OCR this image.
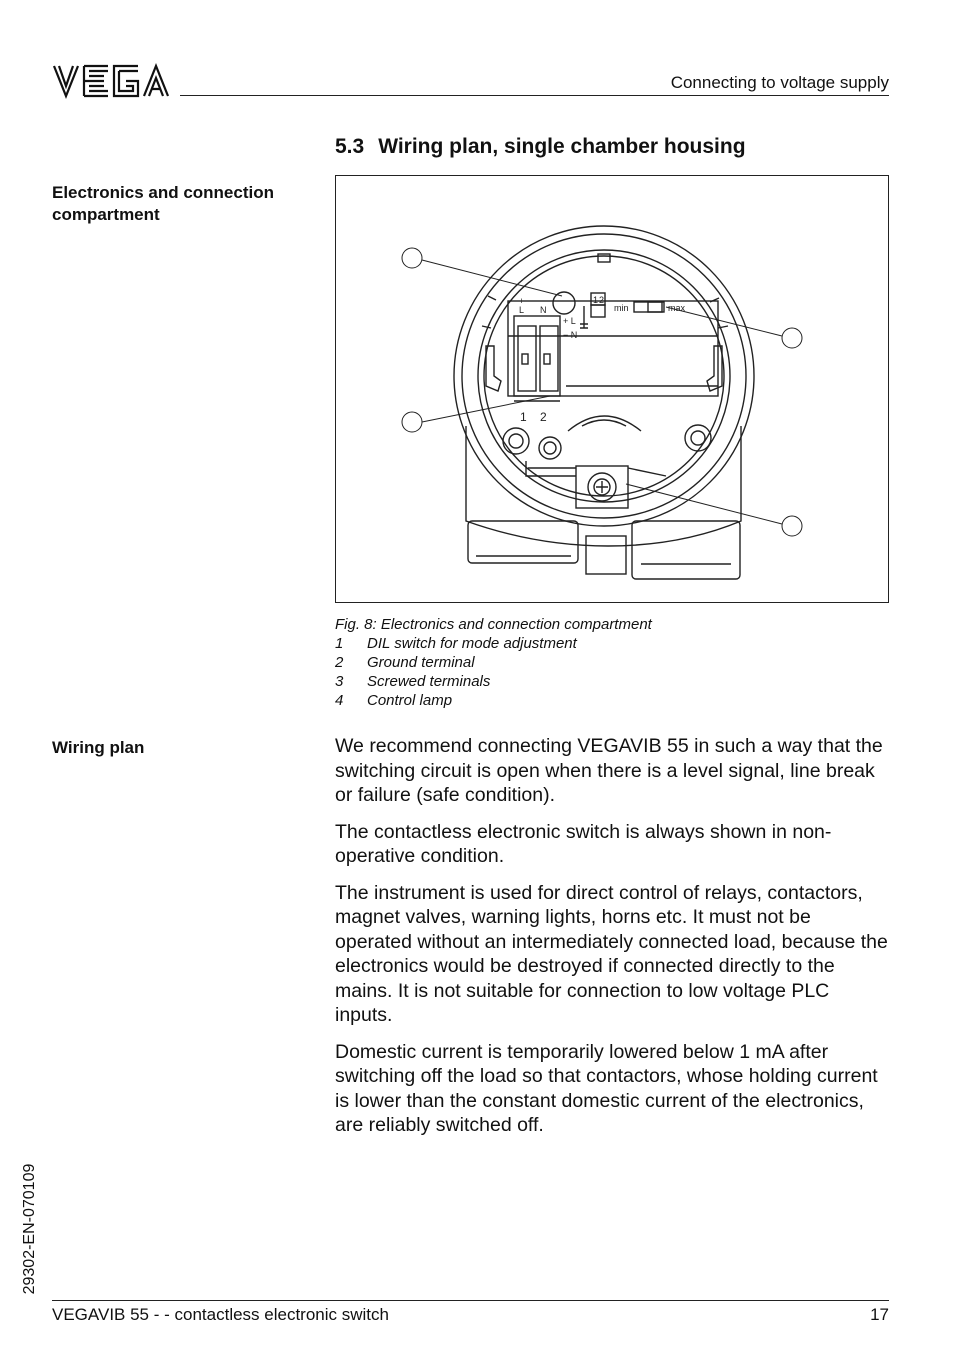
Connecting to voltage supply
5.3 Wiring plan, single chamber housing
Electronics and connection compartment
Wiring plan
+ −
L N
+ L
− N
1 2
min	max
1 2
Fig. 8: Electronics and connection compartment
1	DIL switch for mode adjustment
2	Ground terminal
3	Screwed terminals
4	Control lamp

We recommend connecting VEGAVIB 55 in such a way that the switching circuit is open when there is a level signal, line break or failure (safe condition).

The contactless electronic switch is always shown in non-operative condition.

The instrument is used for direct control of relays, contactors, magnet valves, warning lights, horns etc. It must not be operated without an intermediately connected load, because the electronics would be destroyed if connected directly to the mains. It is not suitable for connection to low voltage PLC inputs.

Domestic current is temporarily lowered below 1 mA after switching off the load so that contactors, whose holding current is lower than the constant domestic current of the electronics, are reliably switched off.

29302-EN-070109
VEGAVIB 55 - - contactless electronic switch	17
